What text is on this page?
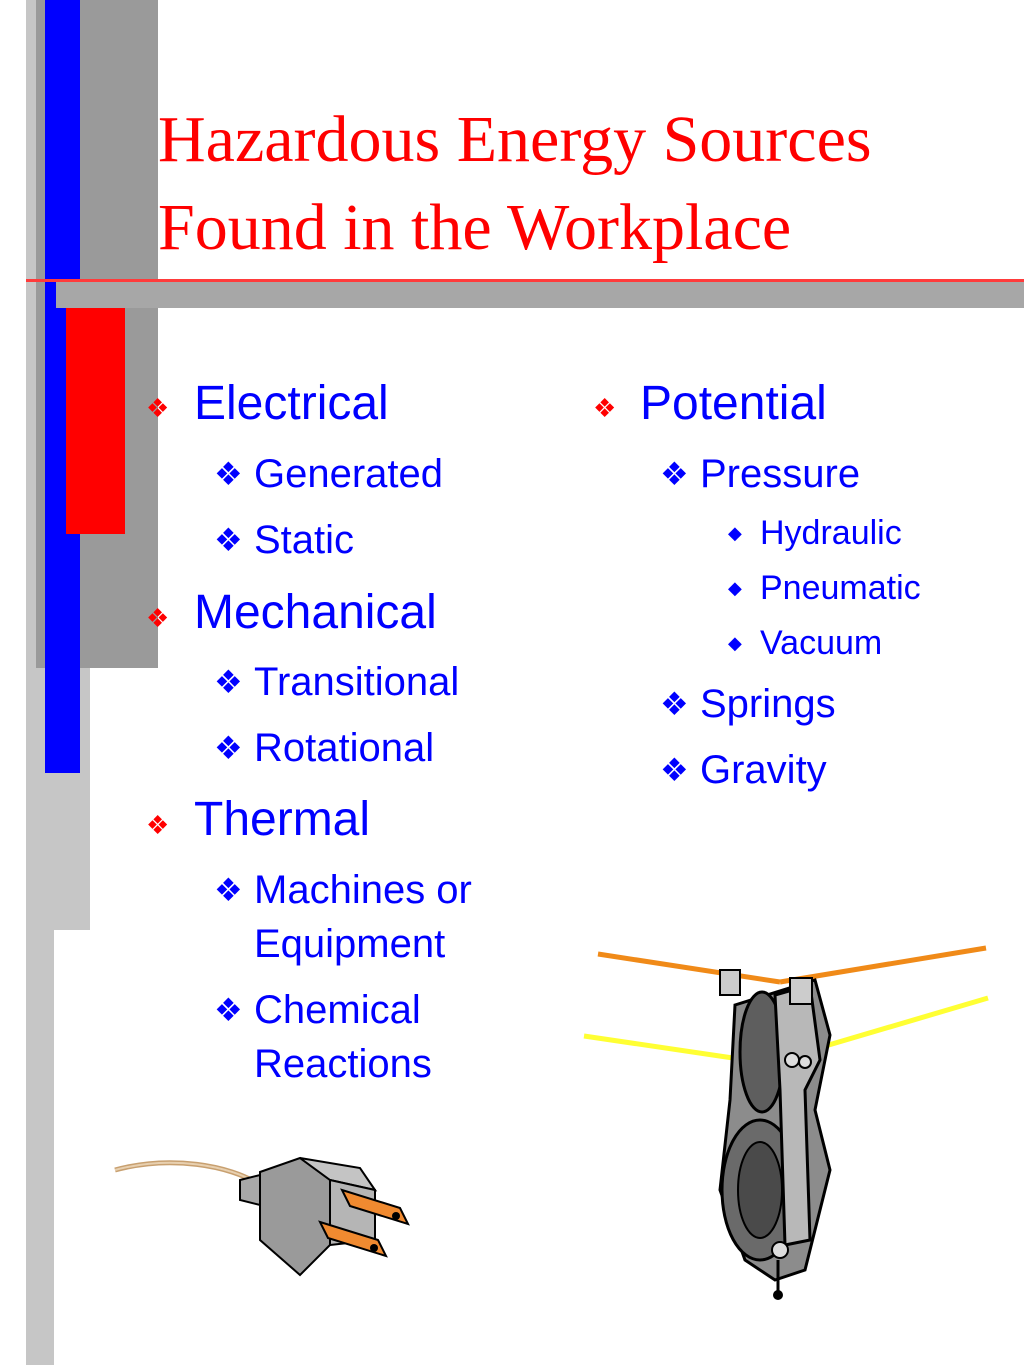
Hazardous Energy Sources
Found in the Workplace
❖ Electrical
❖ Generated
❖ Static
❖ Mechanical
❖ Transitional
❖ Rotational
❖ Thermal
❖ Machines or
Equipment
❖ Chemical
Reactions
❖ Potential
❖ Pressure
◆ Hydraulic
◆ Pneumatic
◆ Vacuum
❖ Springs
❖ Gravity
